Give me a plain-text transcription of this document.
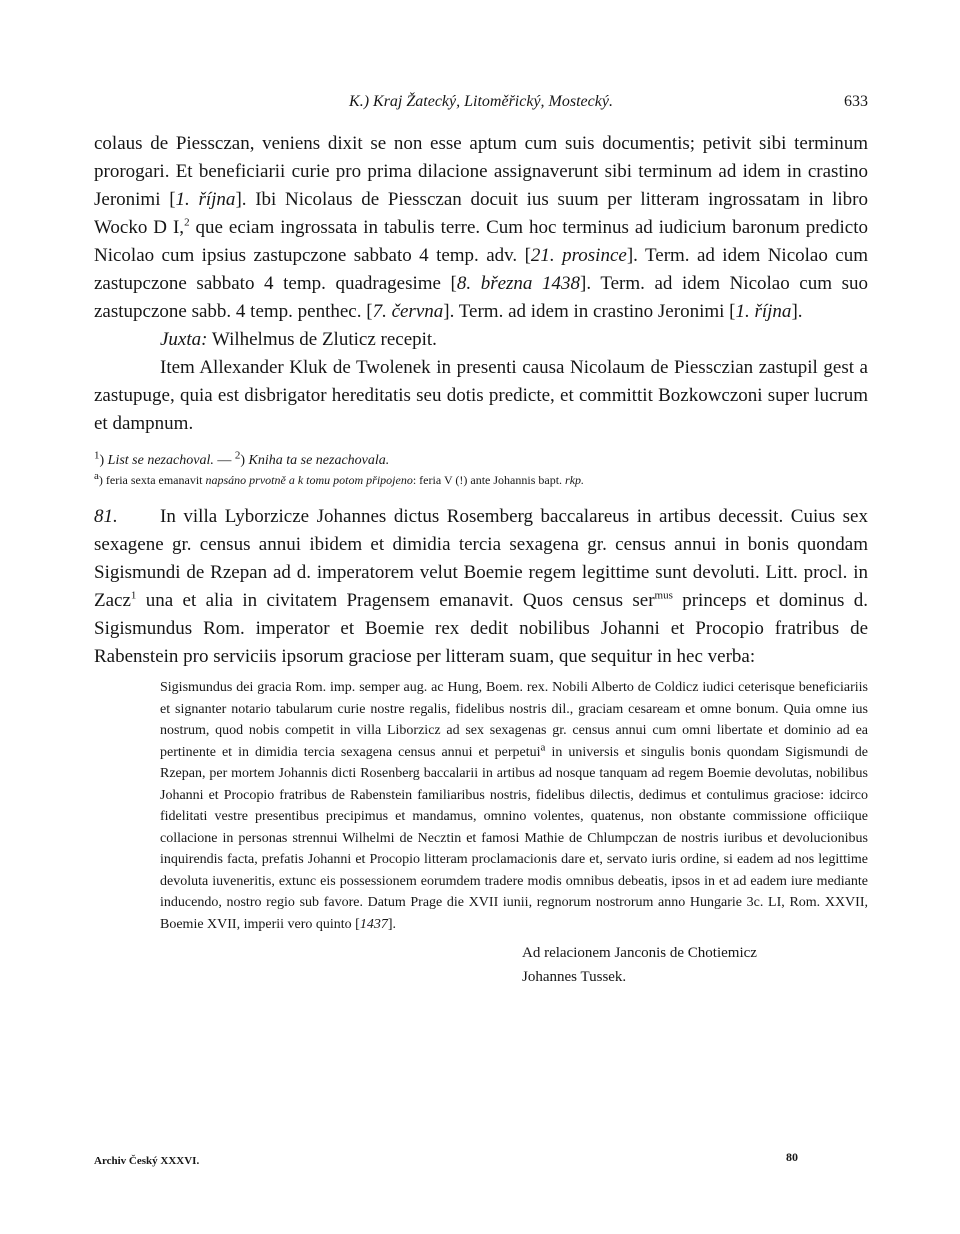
K.) Kraj Žatecký, Litoměřický, Mostecký.	633

colaus de Piessczan, veniens dixit se non esse aptum cum suis documentis; petivit sibi terminum prorogari. Et beneficiarii curie pro prima dilacione assignaverunt sibi terminum ad idem in crastino Jeronimi [1. října]. Ibi Nicolaus de Piessczan docuit ius suum per litteram ingrossatam in libro Wocko D I,$^2$ que eciam ingrossata in tabulis terre. Cum hoc terminus ad iudicium baronum predicto Nicolao cum ipsius zastupczone sabbato 4 temp. adv. [21. prosince]. Term. ad idem Nicolao cum zastupczone sabbato 4 temp. quadragesime [8. března 1438]. Term. ad idem Nicolao cum suo zastupczone sabb. 4 temp. penthec. [7. června]. Term. ad idem in crastino Jeronimi [1. října].

Juxta: Wilhelmus de Zluticz recepit.

Item Allexander Kluk de Twolenek in presenti causa Nicolaum de Piessczian zastupil gest a zastupuge, quia est disbrigator hereditatis seu dotis predicte, et committit Bozkowczoni super lucrum et dampnum.

$^1$) List se nezachoval. — $^2$) Kniha ta se nezachovala.

$^a$) feria sexta emanavit napsáno prvotně a k tomu potom připojeno: feria V (!) ante Johannis bapt. rkp.

81. In villa Lyborzicze Johannes dictus Rosemberg baccalareus in artibus decessit. Cuius sex sexagene gr. census annui ibidem et dimidia tercia sexagena gr. census annui in bonis quondam Sigismundi de Rzepan ad d. imperatorem velut Boemie regem legittime sunt devoluti. Litt. procl. in Zacz$^1$ una et alia in civitatem Pragensem emanavit. Quos census ser$^{mus}$ princeps et dominus d. Sigismundus Rom. imperator et Boemie rex dedit nobilibus Johanni et Procopio fratribus de Rabenstein pro serviciis ipsorum graciose per litteram suam, que sequitur in hec verba:

Sigismundus dei gracia Rom. imp. semper aug. ac Hung, Boem. rex. Nobili Alberto de Coldicz iudici ceterisque beneficiariis et signanter notario tabularum curie nostre regalis, fidelibus nostris dil., graciam cesaream et omne bonum. Quia omne ius nostrum, quod nobis competit in villa Liborzicz ad sex sexagenas gr. census annui cum omni libertate et dominio ad ea pertinente et in dimidia tercia sexagena census annui et perpetui$^a$ in universis et singulis bonis quondam Sigismundi de Rzepan, per mortem Johannis dicti Rosenberg baccalarii in artibus ad nosque tanquam ad regem Boemie devolutas, nobilibus Johanni et Procopio fratribus de Rabenstein familiaribus nostris, fidelibus dilectis, dedimus et contulimus graciose: idcirco fidelitati vestre presentibus precipimus et mandamus, omnino volentes, quatenus, non obstante commissione officiique collacione in personas strennui Wilhelmi de Necztin et famosi Mathie de Chlumpczan de nostris iuribus et devolucionibus inquirendis facta, prefatis Johanni et Procopio litteram proclamacionis dare et, servato iuris ordine, si eadem ad nos legittime devoluta iuveneritis, extunc eis possessionem eorumdem tradere modis omnibus debeatis, ipsos in et ad eadem iure mediante inducendo, nostro regio sub favore. Datum Prage die XVII iunii, regnorum nostrorum anno Hungarie 3c. LI, Rom. XXVII, Boemie XVII, imperii vero quinto [1437].

Ad relacionem Janconis de Chotiemicz
Johannes Tussek.
Archiv Český XXXVI.	80
